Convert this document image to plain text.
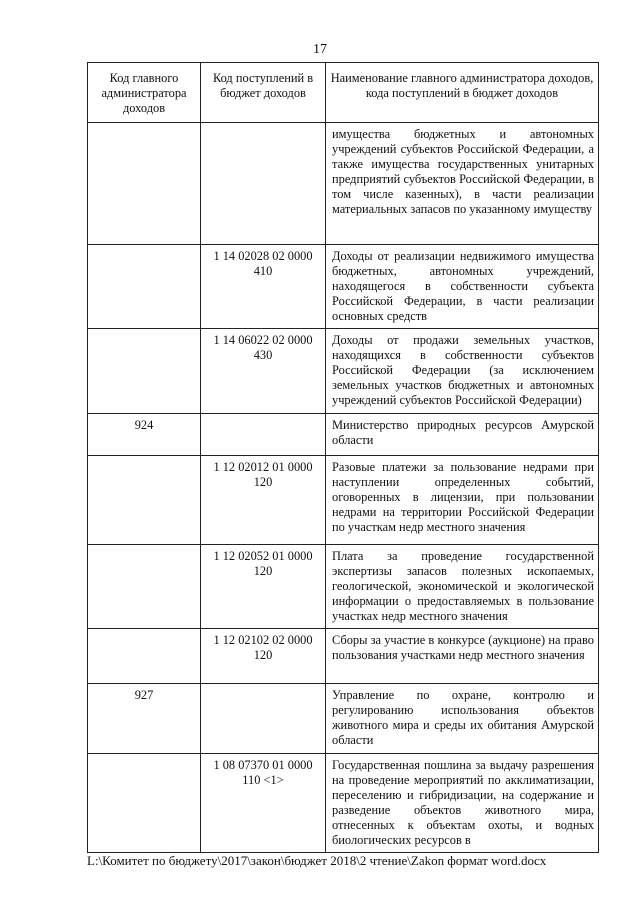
17
Код главного администратора доходов	Код поступлений в бюджет доходов	Наименование главного администратора доходов, кода поступлений в бюджет доходов
		имущества бюджетных и автономных учреждений субъектов Российской Федерации, а также имущества государственных унитарных предприятий субъектов Российской Федерации, в том числе казенных), в части реализации материальных запасов по указанному имуществу
	1 14 02028 02 0000 410	Доходы от реализации недвижимого имущества бюджетных, автономных учреждений, находящегося в собственности субъекта Российской Федерации, в части реализации основных средств
	1 14 06022 02 0000 430	Доходы от продажи земельных участков, находящихся в собственности субъектов Российской Федерации (за исключением земельных участков бюджетных и автономных учреждений субъектов Российской Федерации)
924		Министерство природных ресурсов Амурской области
	1 12 02012 01 0000 120	Разовые платежи за пользование недрами при наступлении определенных событий, оговоренных в лицензии, при пользовании недрами на территории Российской Федерации по участкам недр местного значения
	1 12 02052 01 0000 120	Плата за проведение государственной экспертизы запасов полезных ископаемых, геологической, экономической и экологической информации о предоставляемых в пользование участках недр местного значения
	1 12 02102 02 0000 120	Сборы за участие в конкурсе (аукционе) на право пользования участками недр местного значения
927		Управление по охране, контролю и регулированию использования объектов животного мира и среды их обитания Амурской области
	1 08 07370 01 0000 110 <1>	Государственная пошлина за выдачу разрешения на проведение мероприятий по акклиматизации, переселению и гибридизации, на содержание и разведение объектов животного мира, отнесенных к объектам охоты, и водных биологических ресурсов в
L:\Комитет по бюджету\2017\закон\бюджет 2018\2 чтение\Zakon формат word.docx
